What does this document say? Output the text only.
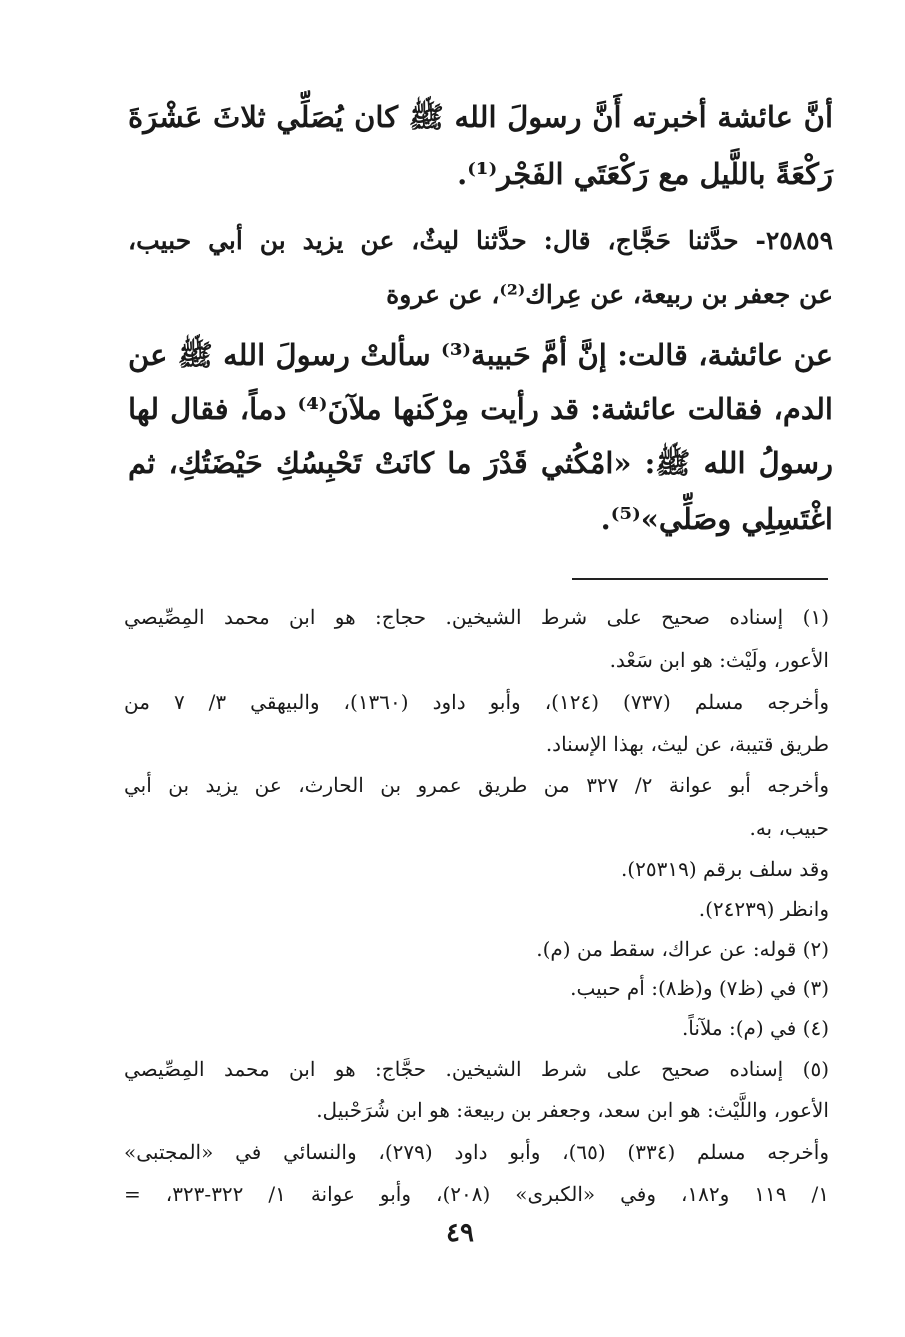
أنَّ عائشة أخبرته أَنَّ رسولَ الله ﷺ كان يُصَلِّي ثلاثَ عَشْرَةَ
رَكْعَةً باللَّيل مع رَكْعَتَي الفَجْر⁽¹⁾.
٢٥٨٥٩- حدَّثنا حَجَّاج، قال: حدَّثنا ليثٌ، عن يزيد بن أبي حبيب،
عن جعفر بن ربيعة، عن عِراك⁽²⁾، عن عروة
عن عائشة، قالت: إنَّ أمَّ حَبيبة⁽³⁾ سألتْ رسولَ الله ﷺ عن
الدم، فقالت عائشة: قد رأيت مِرْكَنها ملآنَ⁽⁴⁾ دماً، فقال لها
رسولُ الله ﷺ: «امْكُثي قَدْرَ ما كانَتْ تَحْبِسُكِ حَيْضَتُكِ، ثم
اغْتَسِلِي وصَلِّي»⁽⁵⁾.
(١) إسناده صحيح على شرط الشيخين. حجاج: هو ابن محمد المِصِّيصي
الأعور، ولَيْث: هو ابن سَعْد.
وأخرجه مسلم (٧٣٧) (١٢٤)، وأبو داود (١٣٦٠)، والبيهقي ٣/ ٧ من
طريق قتيبة، عن ليث، بهذا الإسناد.
وأخرجه أبو عوانة ٢/ ٣٢٧ من طريق عمرو بن الحارث، عن يزيد بن أبي
حبيب، به.
وقد سلف برقم (٢٥٣١٩).
وانظر (٢٤٢٣٩).
(٢) قوله: عن عراك، سقط من (م).
(٣) في (ظ٧) و(ظ٨): أم حبيب.
(٤) في (م): ملآناً.
(٥) إسناده صحيح على شرط الشيخين. حجَّاج: هو ابن محمد المِصِّيصي
الأعور، واللَّيْث: هو ابن سعد، وجعفر بن ربيعة: هو ابن شُرَحْبيل.
وأخرجه مسلم (٣٣٤) (٦٥)، وأبو داود (٢٧٩)، والنسائي في «المجتبى»
١/ ١١٩ و١٨٢، وفي «الكبرى» (٢٠٨)، وأبو عوانة ١/ ٣٢٢-٣٢٣، =
٤٩
